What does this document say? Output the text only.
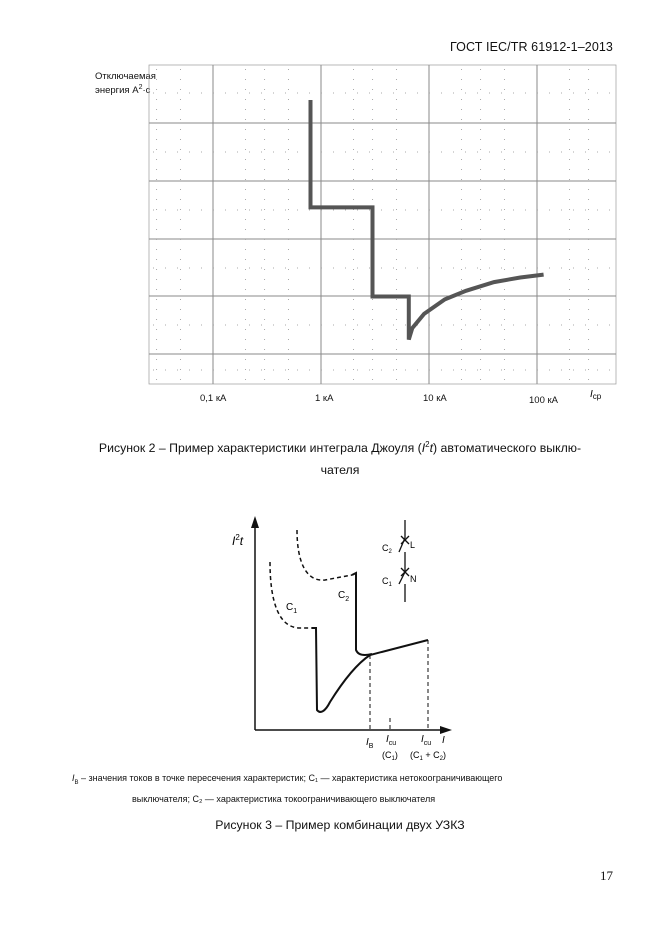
ГОСТ IEC/TR 61912-1–2013
Отключаемая
энергия $A^2\cdot с$
$I_{ср}$
0,1 кА	1 кА	10 кА	100 кА
Рисунок 2 – Пример характеристики интеграла Джоуля $(I^2t)$ автоматического выклю-
чателя
$I^2t$
$C_1$
$C_2$
$I_B$
$I_{cu}$
$(C_1)$
$I_{cu}$
$(C_1 + C_2)$
I
$C_2$
$C_1$
L
N
$I_B$ – значения токов в точке пересечения характеристик; С₁ — характеристика нетокоограничивающего
выключателя; С₂ — характеристика токоограничивающего выключателя
Рисунок 3 – Пример комбинации двух УЗКЗ
17
